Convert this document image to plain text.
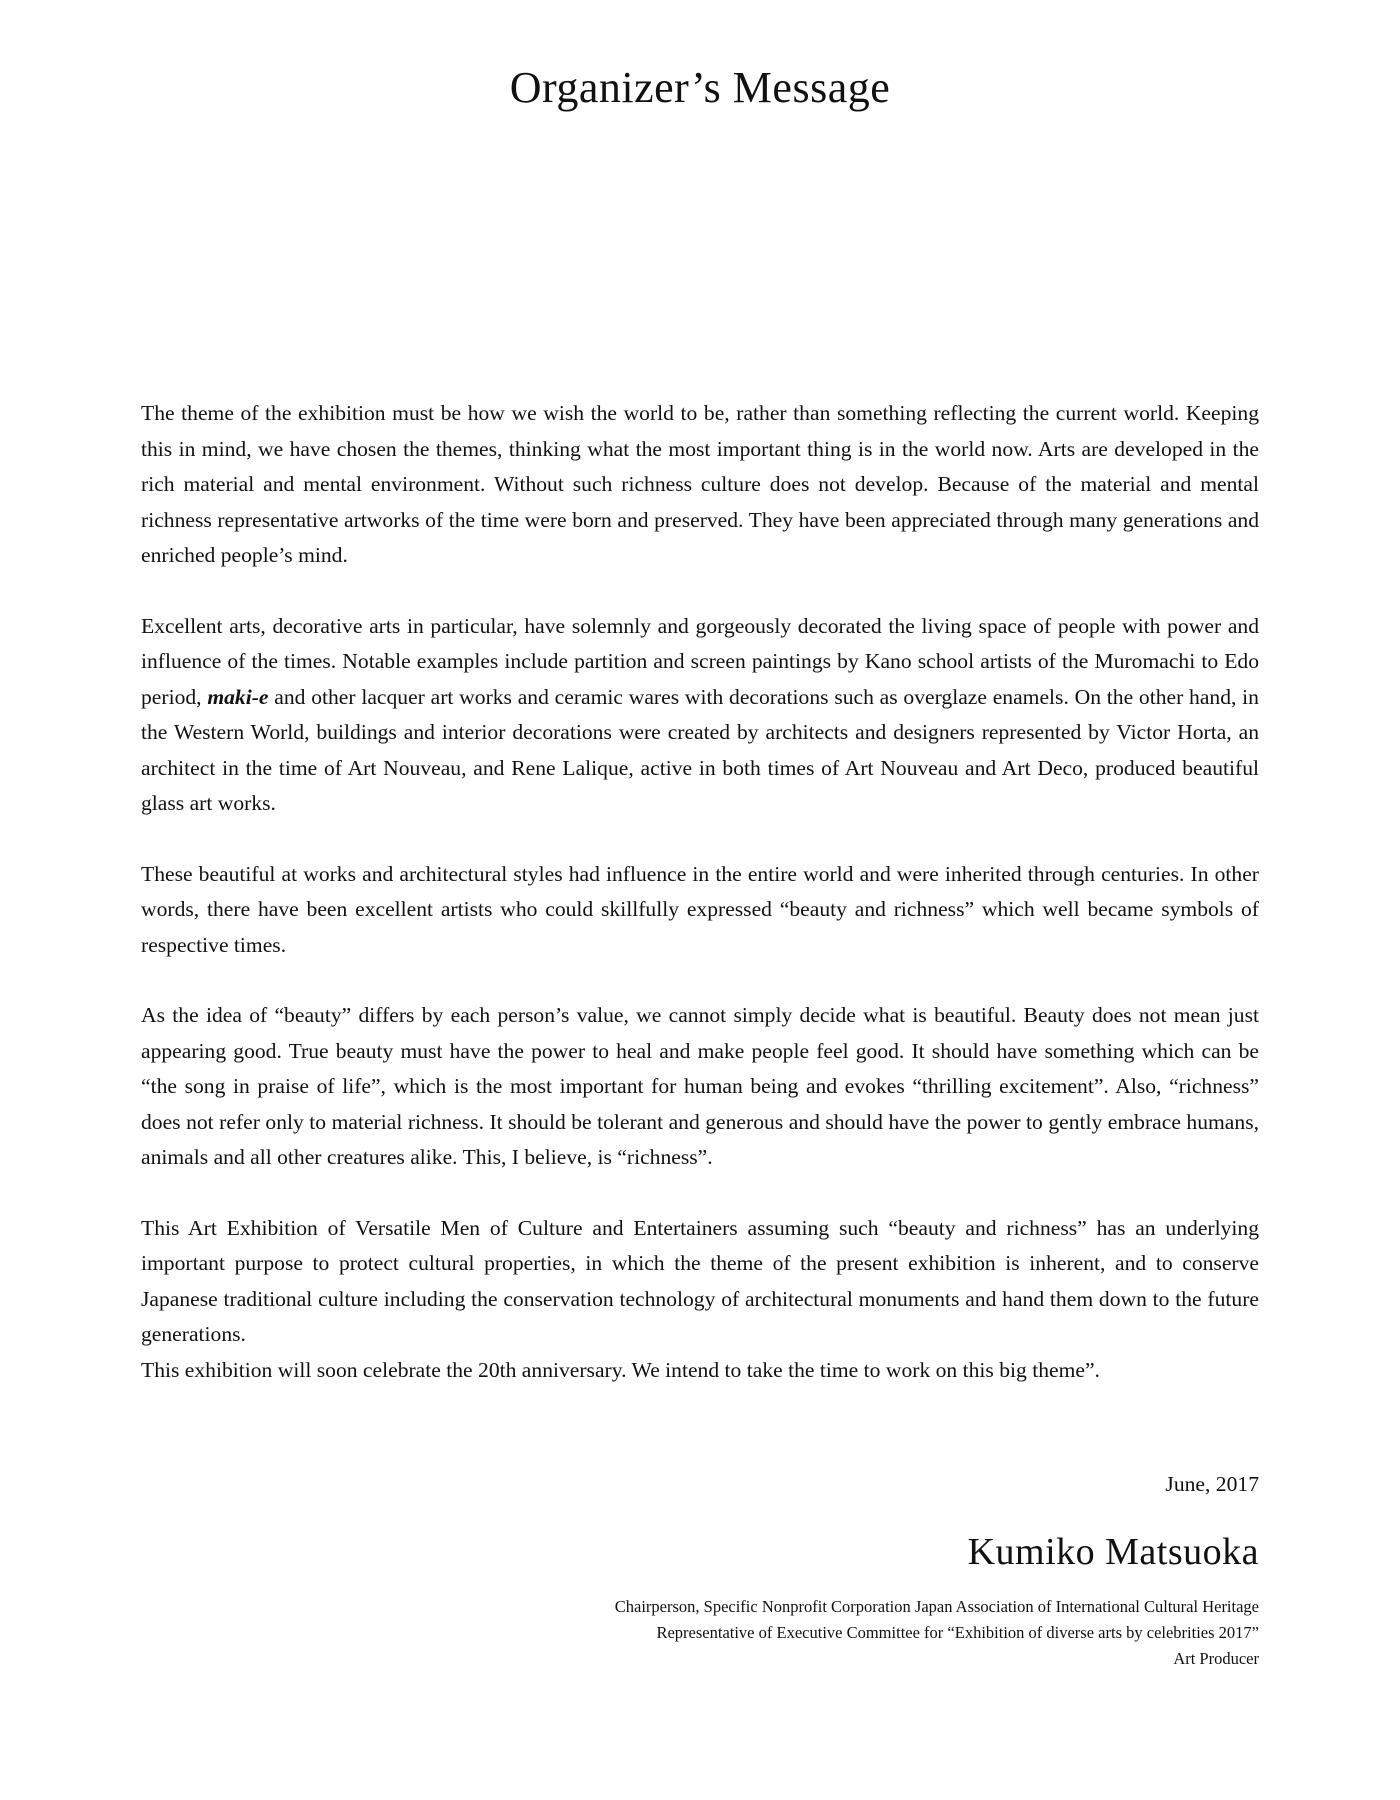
Organizer’s Message

The theme of the exhibition must be how we wish the world to be, rather than something reflecting the current world. Keeping this in mind, we have chosen the themes, thinking what the most important thing is in the world now. Arts are developed in the rich material and mental environment. Without such richness culture does not develop. Because of the material and mental richness representative artworks of the time were born and preserved. They have been appreciated through many generations and enriched people’s mind.

Excellent arts, decorative arts in particular, have solemnly and gorgeously decorated the living space of people with power and influence of the times. Notable examples include partition and screen paintings by Kano school artists of the Muromachi to Edo period, maki-e and other lacquer art works and ceramic wares with decorations such as overglaze enamels. On the other hand, in the Western World, buildings and interior decorations were created by architects and designers represented by Victor Horta, an architect in the time of Art Nouveau, and Rene Lalique, active in both times of Art Nouveau and Art Deco, produced beautiful glass art works.

These beautiful at works and architectural styles had influence in the entire world and were inherited through centuries. In other words, there have been excellent artists who could skillfully expressed “beauty and richness” which well became symbols of respective times.

As the idea of “beauty” differs by each person’s value, we cannot simply decide what is beautiful. Beauty does not mean just appearing good. True beauty must have the power to heal and make people feel good. It should have something which can be “the song in praise of life”, which is the most important for human being and evokes “thrilling excitement”. Also, “richness” does not refer only to material richness. It should be tolerant and generous and should have the power to gently embrace humans, animals and all other creatures alike. This, I believe, is “richness”.

This Art Exhibition of Versatile Men of Culture and Entertainers assuming such “beauty and richness” has an underlying important purpose to protect cultural properties, in which the theme of the present exhibition is inherent, and to conserve Japanese traditional culture including the conservation technology of architectural monuments and hand them down to the future generations.

This exhibition will soon celebrate the 20th anniversary. We intend to take the time to work on this big theme”.

June, 2017
Kumiko Matsuoka
Chairperson, Specific Nonprofit Corporation Japan Association of International Cultural Heritage
Representative of Executive Committee for “Exhibition of diverse arts by celebrities 2017”
Art Producer
